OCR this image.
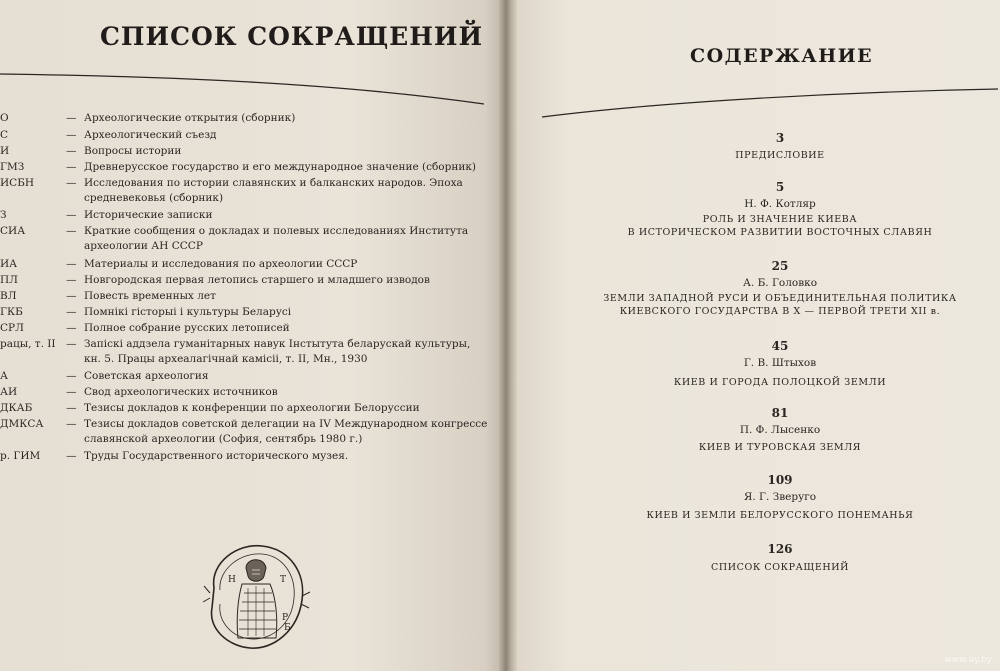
СПИСОК СОКРАЩЕНИЙ
О	— Археологические открытия (сборник)
С	— Археологический съезд
И	— Вопросы истории
ГМЗ	— Древнерусское государство и его международное значение (сборник)
ИСБН	— Исследования по истории славянских и балканских народов. Эпоха
средневековья (сборник)
З	— Исторические записки
СИА	— Краткие сообщения о докладах и полевых исследованиях Института
археологии АН СССР
ИА	— Материалы и исследования по археологии СССР
ПЛ	— Новгородская первая летопись старшего и младшего изводов
ВЛ	— Повесть временных лет
ГКБ	— Помнікі гісторыі і культуры Беларусі
СРЛ	— Полное собрание русских летописей
рацы, т. II — Запіскі аддзела гуманітарных навук Інстытута беларускай культуры,
кн. 5. Працы археалагічнай камісіі, т. II, Мн., 1930
А	— Советская археология
АИ	— Свод археологических источников
ДКАБ	— Тезисы докладов к конференции по археологии Белоруссии
ДМКСА — Тезисы докладов советской делегации на IV Международном конгрессе
славянской археологии (София, сентябрь 1980 г.)
р. ГИМ — Труды Государственного исторического музея.
Н	Т
Р
Б
СОДЕРЖАНИЕ
3
ПРЕДИСЛОВИЕ
5
Н. Ф. Котляр
РОЛЬ И ЗНАЧЕНИЕ КИЕВА
В ИСТОРИЧЕСКОМ РАЗВИТИИ ВОСТОЧНЫХ СЛАВЯН
25
А. Б. Головко
ЗЕМЛИ ЗАПАДНОЙ РУСИ И ОБЪЕДИНИТЕЛЬНАЯ ПОЛИТИКА
КИЕВСКОГО ГОСУДАРСТВА В X — ПЕРВОЙ ТРЕТИ XII в.
45
Г. В. Штыхов
КИЕВ И ГОРОДА ПОЛОЦКОЙ ЗЕМЛИ
81
П. Ф. Лысенко
КИЕВ И ТУРОВСКАЯ ЗЕМЛЯ
109
Я. Г. Зверуго
КИЕВ И ЗЕМЛИ БЕЛОРУССКОГО ПОНЕМАНЬЯ
126
СПИСОК СОКРАЩЕНИЙ
www.ay.by
